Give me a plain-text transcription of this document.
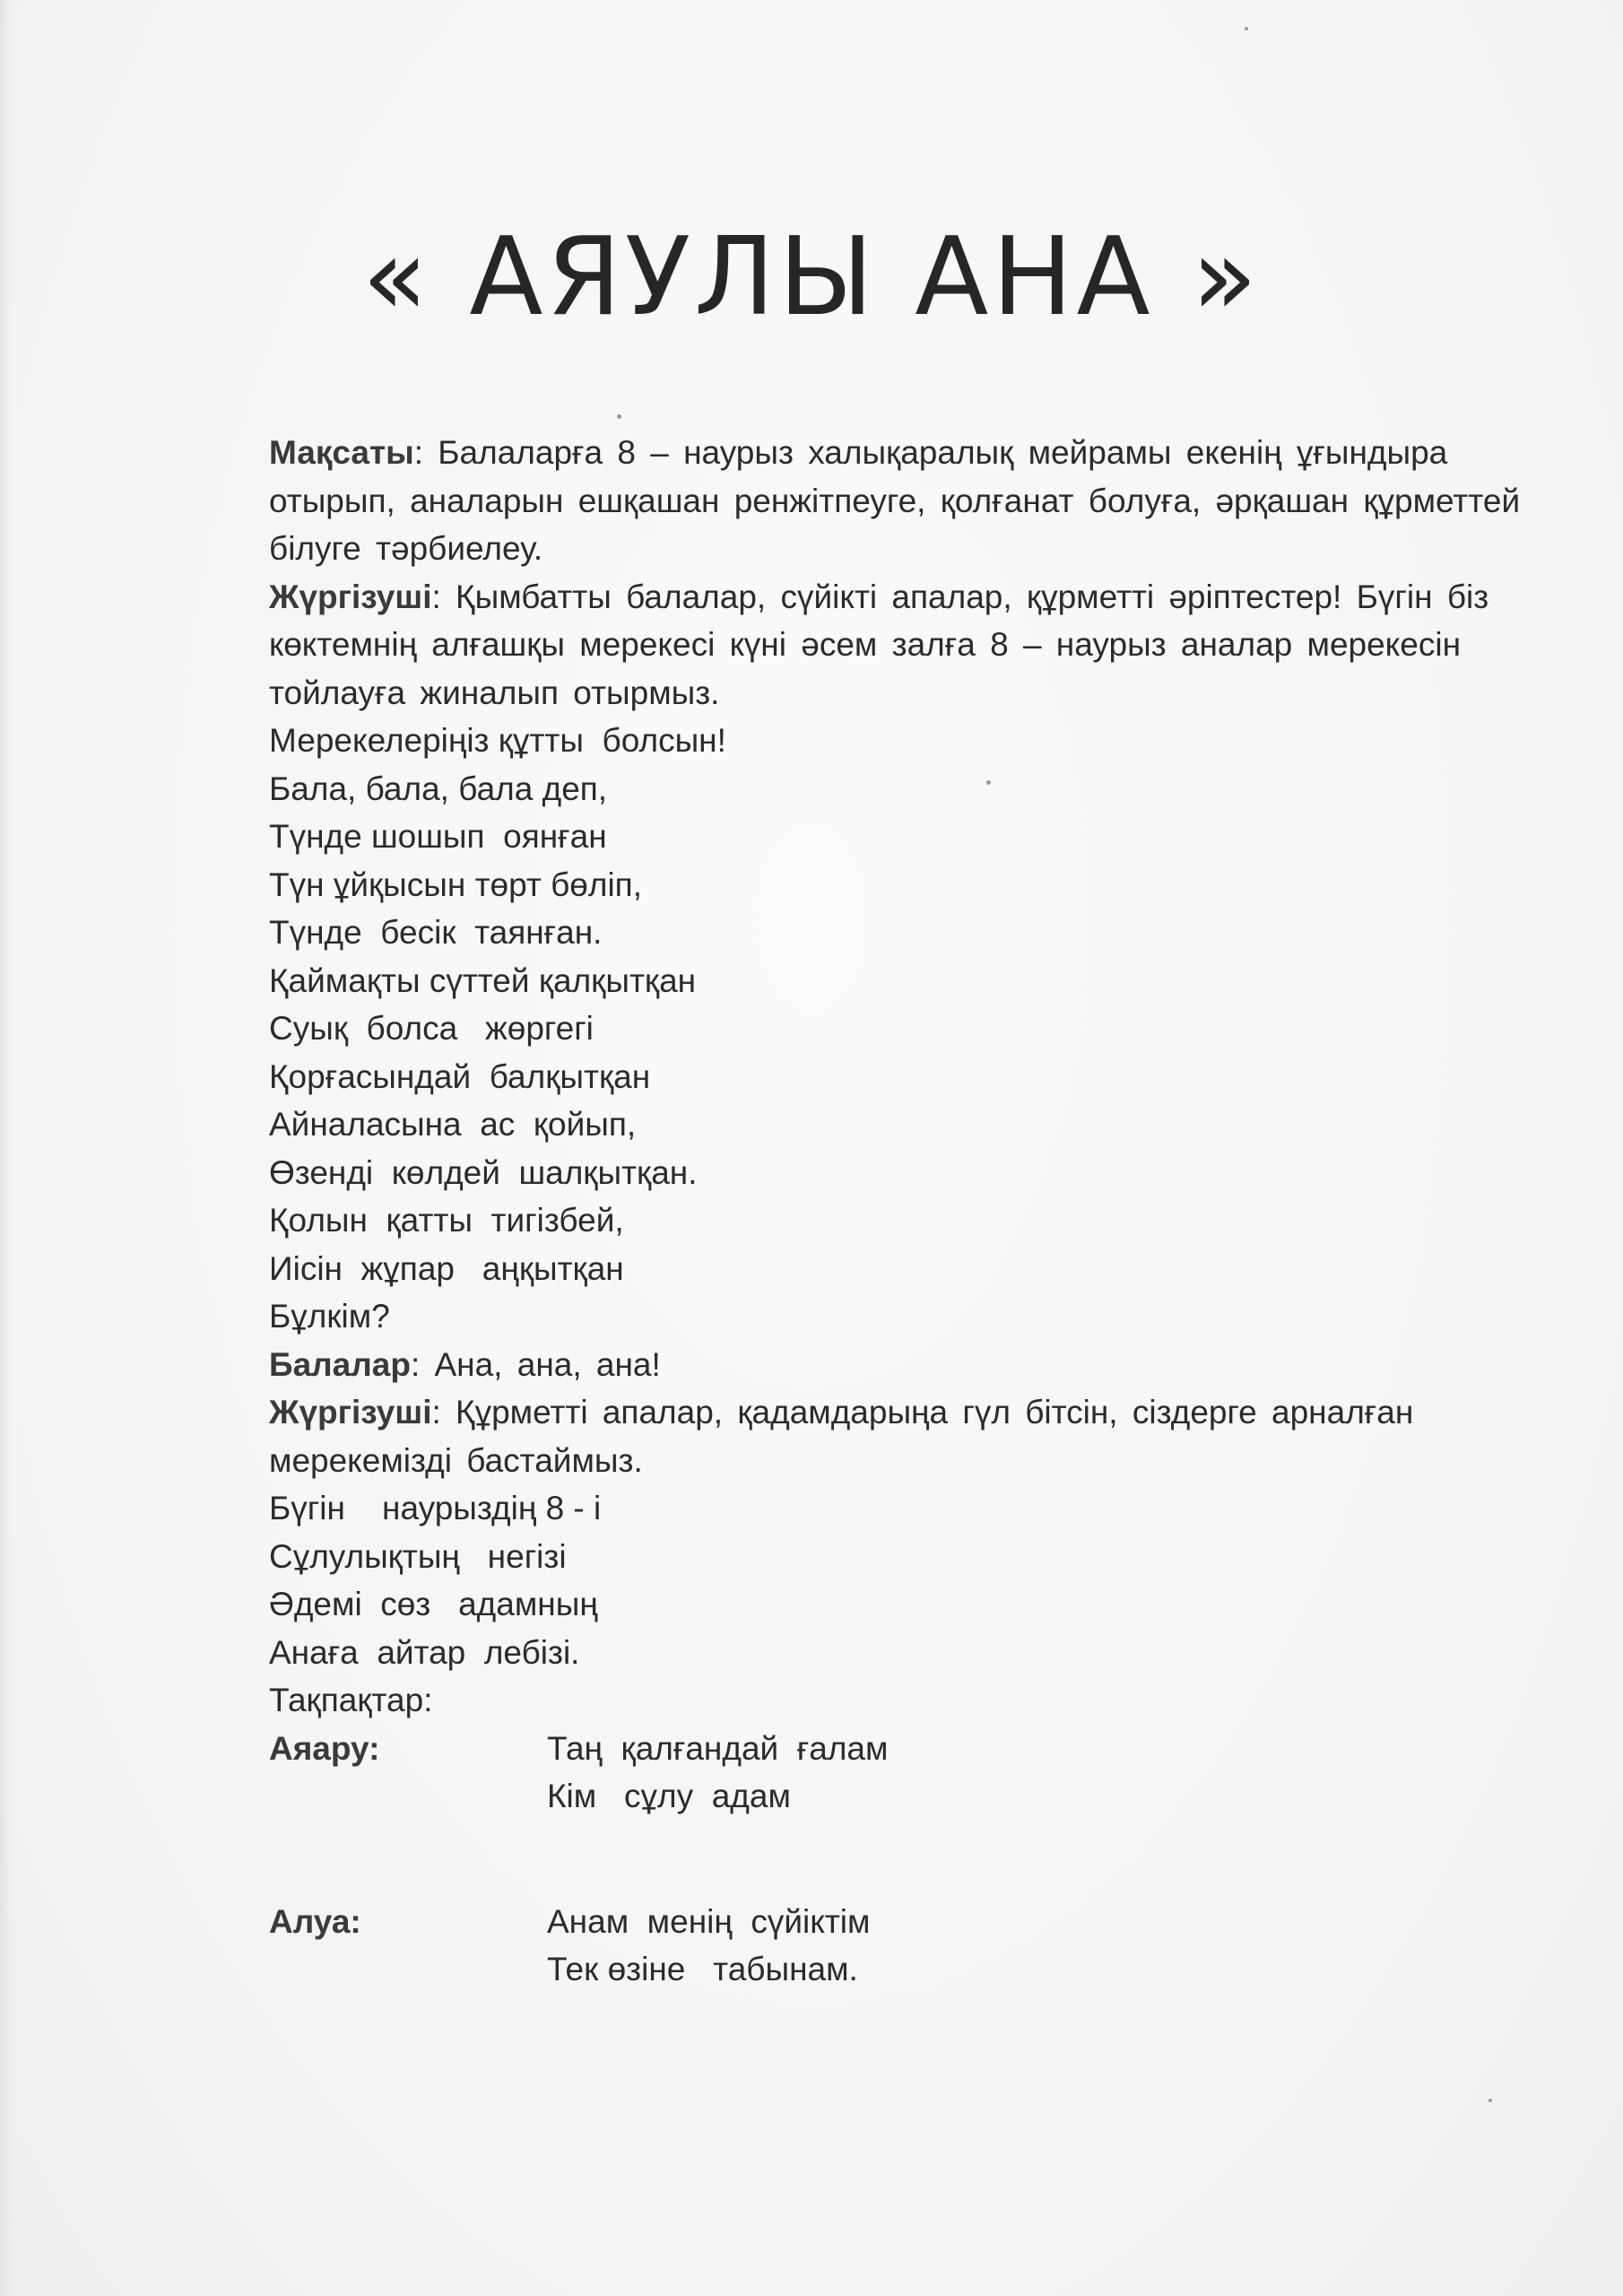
« АЯУЛЫ АНА »

Мақсаты: Балаларға 8 – наурыз халықаралық мейрамы екенің ұғындыра отырып, аналарын ешқашан ренжітпеуге, қолғанат болуға, әрқашан құрметтей білуге тәрбиелеу.

Жүргізуші: Қымбатты балалар, сүйікті апалар, құрметті әріптестер! Бүгін біз көктемнің алғашқы мерекесі күні әсем залға 8 – наурыз аналар мерекесін тойлауға жиналып отырмыз.

Мерекелеріңіз құтты  болсын!

Бала, бала, бала деп,

Түнде шошып  оянған

Түн ұйқысын төрт бөліп,

Түнде  бесік  таянған.

Қаймақты сүттей қалқытқан

Суық  болса   жөргегі

Қорғасындай  балқытқан

Айналасына  ас  қойып,

Өзенді  көлдей  шалқытқан.

Қолын  қатты  тигізбей,

Иісін  жұпар   аңқытқан

Бұлкім?

Балалар: Ана, ана, ана!

Жүргізуші: Құрметті апалар, қадамдарыңа гүл бітсін, сіздерге арналған мерекемізді бастаймыз.

Бүгін    наурыздің 8 - і

Сұлулықтың   негізі

Әдемі  сөз   адамның

Анаға  айтар  лебізі.

Тақпақтар:

Аяару:	Таң  қалғандай  ғалам

Кім   сұлу  адам

Алуа:	Анам  менің  сүйіктім

Тек өзіне   табынам.
